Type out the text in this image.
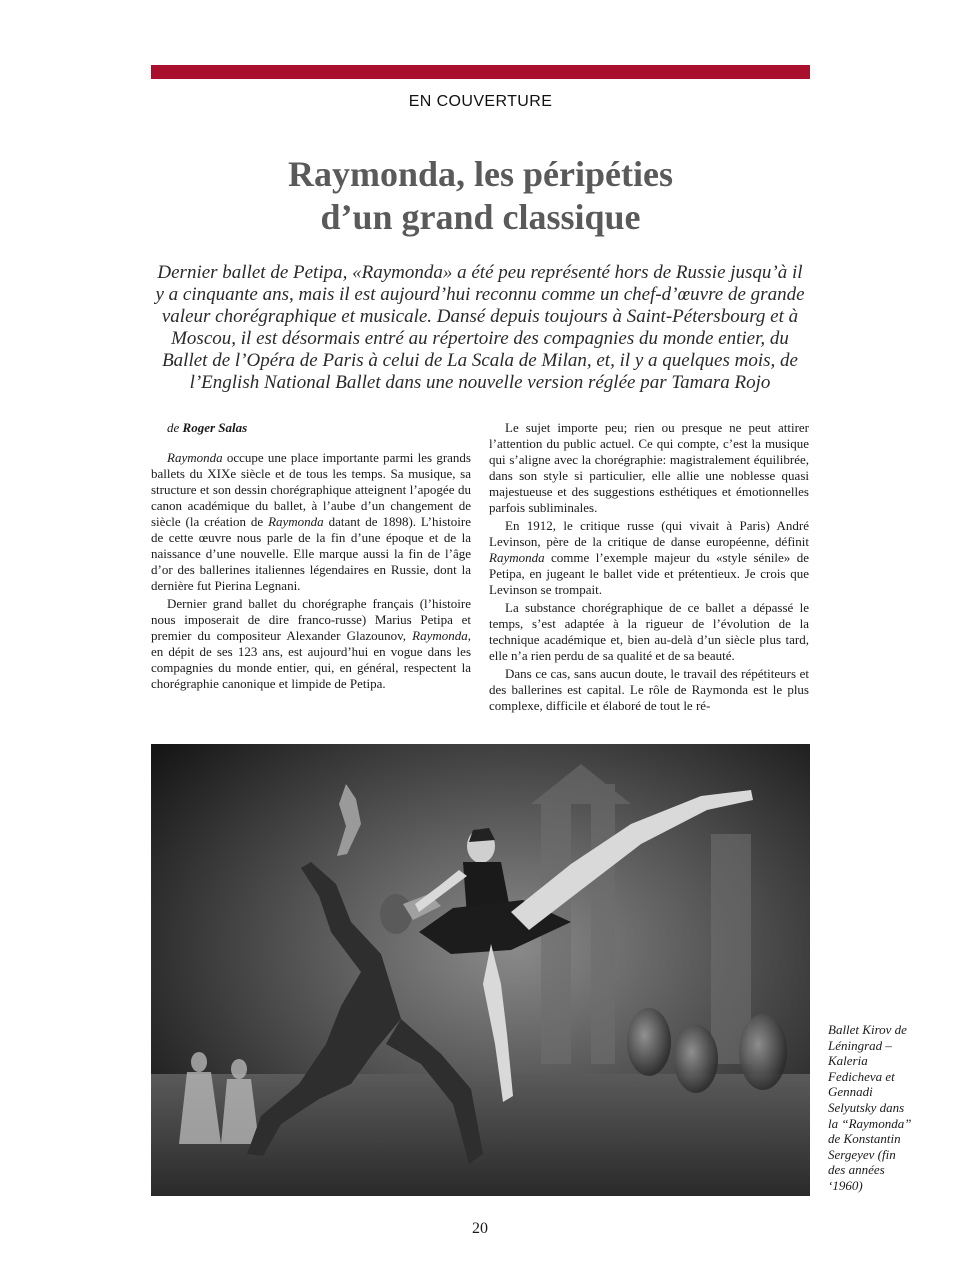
EN COUVERTURE
Raymonda, les péripéties
d’un grand classique
Dernier ballet de Petipa, «Raymonda» a été peu représenté hors de Russie jusqu’à il
y a cinquante ans, mais il est aujourd’hui reconnu comme un chef-d’œuvre de grande
valeur chorégraphique et musicale. Dansé depuis toujours à Saint-Pétersbourg et à
Moscou, il est désormais entré au répertoire des compagnies du monde entier, du
Ballet de l’Opéra de Paris à celui de La Scala de Milan, et, il y a quelques mois, de
l’English National Ballet dans une nouvelle version réglée par Tamara Rojo

de Roger Salas

Raymonda occupe une place importante parmi les grands ballets du XIXe siècle et de tous les temps. Sa musique, sa structure et son dessin chorégraphique atteignent l’apogée du canon académique du ballet, à l’aube d’un changement de siècle (la création de Raymonda datant de 1898). L’histoire de cette œuvre nous parle de la fin d’une époque et de la naissance d’une nouvelle. Elle marque aussi la fin de l’âge d’or des ballerines italiennes légendaires en Russie, dont la dernière fut Pierina Legnani.

Dernier grand ballet du chorégraphe français (l’histoire nous imposerait de dire franco-russe) Marius Petipa et premier du compositeur Alexander Glazounov, Raymonda, en dépit de ses 123 ans, est aujourd’hui en vogue dans les compagnies du monde entier, qui, en général, respectent la chorégraphie canonique et limpide de Petipa.

Le sujet importe peu; rien ou presque ne peut attirer l’attention du public actuel. Ce qui compte, c’est la musique qui s’aligne avec la chorégraphie: magistralement équilibrée, dans son style si particulier, elle allie une noblesse quasi majestueuse et des suggestions esthétiques et émotionnelles parfois subliminales.

En 1912, le critique russe (qui vivait à Paris) André Levinson, père de la critique de danse européenne, définit Raymonda comme l’exemple majeur du «style sénile» de Petipa, en jugeant le ballet vide et prétentieux. Je crois que Levinson se trompait.

La substance chorégraphique de ce ballet a dépassé le temps, s’est adaptée à la rigueur de l’évolution de la technique académique et, bien au-delà d’un siècle plus tard, elle n’a rien perdu de sa qualité et de sa beauté.

Dans ce cas, sans aucun doute, le travail des répétiteurs et des ballerines est capital. Le rôle de Raymonda est le plus complexe, difficile et élaboré de tout le ré-

Ballet Kirov de
Léningrad –
Kaleria
Fedicheva et
Gennadi
Selyutsky dans
la “Raymonda”
de Konstantin
Sergeyev (fin
des années
‘1960)
20
